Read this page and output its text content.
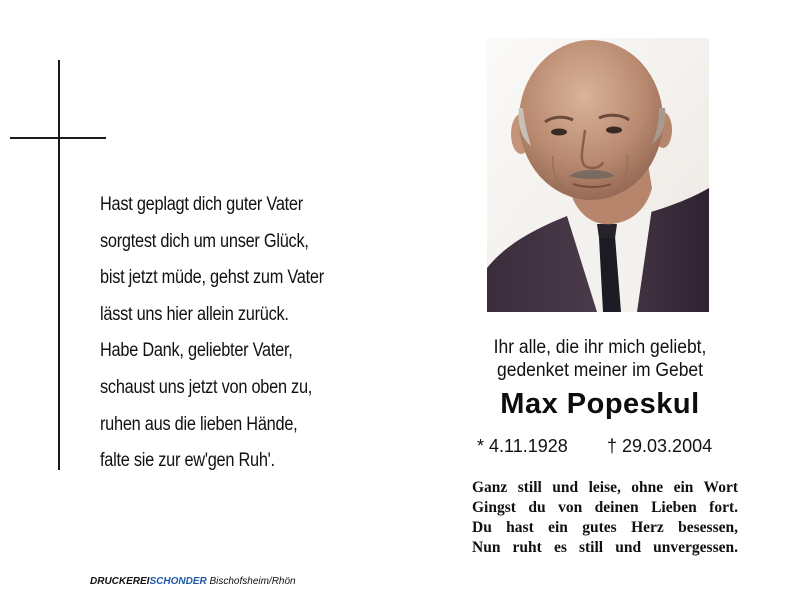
Hast geplagt dich guter Vater
sorgtest dich um unser Glück,
bist jetzt müde, gehst zum Vater
lässt uns hier allein zurück.
Habe Dank, geliebter Vater,
schaust uns jetzt von oben zu,
ruhen aus die lieben Hände,
falte sie zur ew'gen Ruh'.
Ihr alle, die ihr mich geliebt,
gedenket meiner im Gebet
Max Popeskul
* 4.11.1928 † 29.03.2004
Ganz still und leise, ohne ein Wort
Gingst du von deinen Lieben fort.
Du hast ein gutes Herz besessen,
Nun ruht es still und unvergessen.
DRUCKEREISCHONDER Bischofsheim/Rhön
